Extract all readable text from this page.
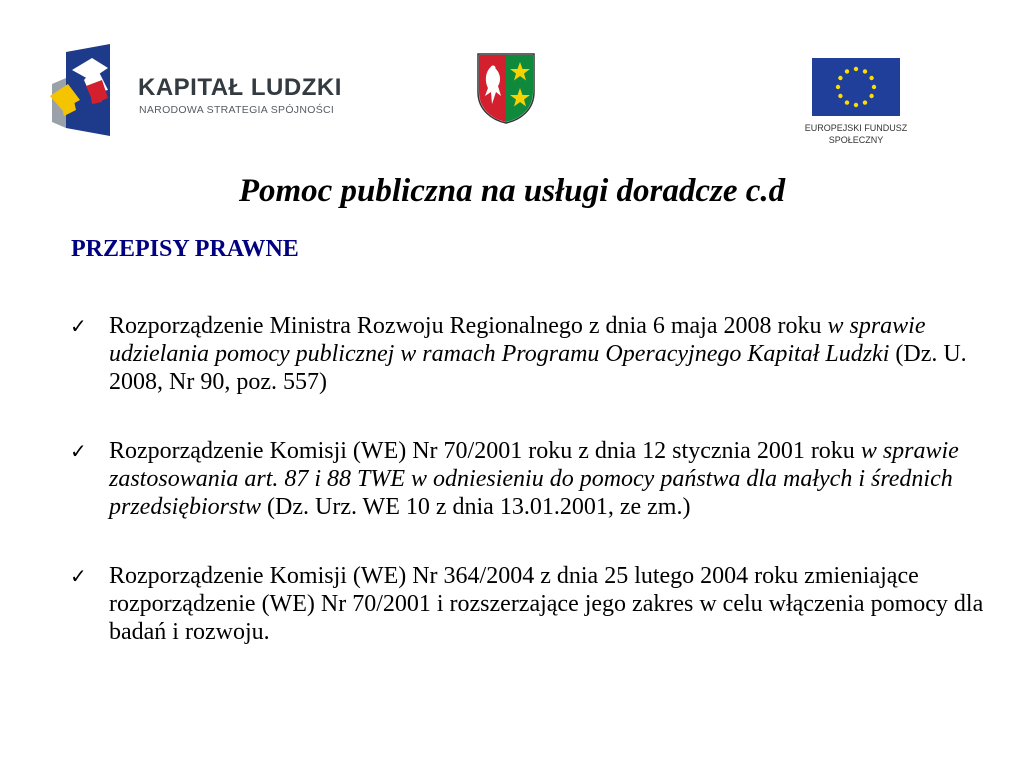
KAPITAŁ LUDZKI
NARODOWA STRATEGIA SPÓJNOŚCI
EUROPEJSKI FUNDUSZ
SPOŁECZNY
Pomoc publiczna na usługi doradcze c.d
PRZEPISY PRAWNE
✓ Rozporządzenie Ministra Rozwoju Regionalnego z dnia 6 maja 2008 roku w sprawie udzielania pomocy publicznej w ramach Programu Operacyjnego Kapitał Ludzki (Dz. U. 2008, Nr 90, poz. 557)
✓ Rozporządzenie Komisji (WE) Nr 70/2001 roku z dnia 12 stycznia 2001 roku w sprawie zastosowania art. 87 i 88 TWE w odniesieniu do pomocy państwa dla małych i średnich przedsiębiorstw (Dz. Urz. WE 10 z dnia 13.01.2001, ze zm.)
✓ Rozporządzenie Komisji (WE) Nr 364/2004 z dnia 25 lutego 2004 roku zmieniające rozporządzenie (WE) Nr 70/2001 i rozszerzające jego zakres w celu włączenia pomocy dla badań i rozwoju.
